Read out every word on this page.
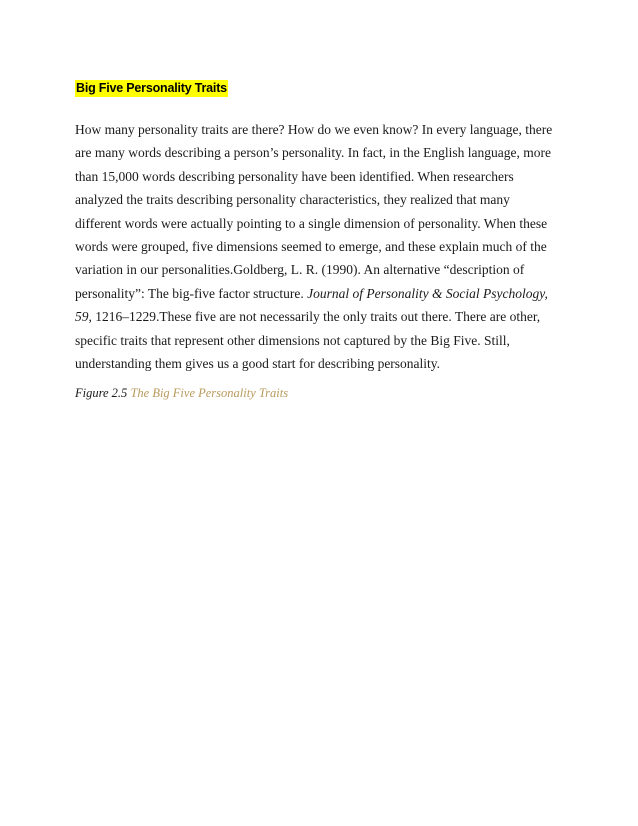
Big Five Personality Traits
How many personality traits are there? How do we even know? In every language, there
are many words describing a person’s personality. In fact, in the English language, more
than 15,000 words describing personality have been identified. When researchers
analyzed the traits describing personality characteristics, they realized that many
different words were actually pointing to a single dimension of personality. When these
words were grouped, five dimensions seemed to emerge, and these explain much of the
variation in our personalities.Goldberg, L. R. (1990). An alternative “description of
personality”: The big-five factor structure. Journal of Personality & Social Psychology,
59, 1216–1229.These five are not necessarily the only traits out there. There are other,
specific traits that represent other dimensions not captured by the Big Five. Still,
understanding them gives us a good start for describing personality.
Figure 2.5 The Big Five Personality Traits
